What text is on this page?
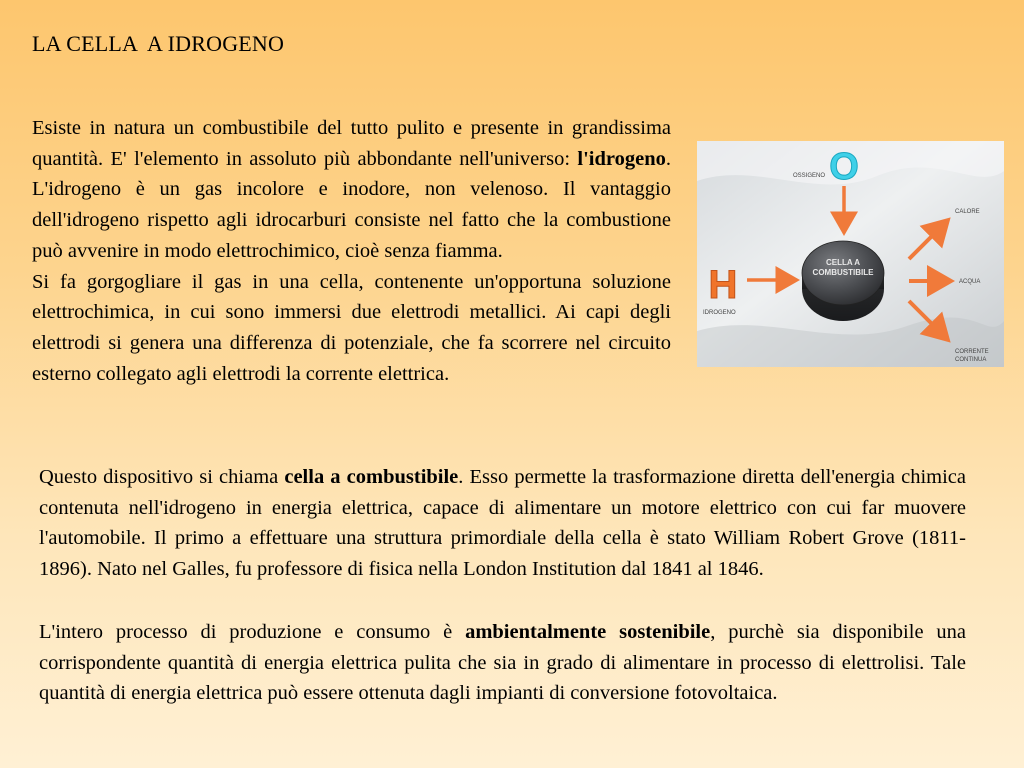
LA CELLA  A IDROGENO
Esiste in natura un combustibile del tutto pulito e presente in grandissima quantità. E' l'elemento in assoluto più abbondante nell'universo: l'idrogeno. L'idrogeno è un gas incolore e inodore, non velenoso. Il vantaggio dell'idrogeno rispetto agli idrocarburi consiste nel fatto che la combustione può avvenire in modo elettrochimico, cioè senza fiamma.
Si fa gorgogliare il gas in una cella, contenente un'opportuna soluzione elettrochimica, in cui sono immersi due elettrodi metallici. Ai capi degli elettrodi si genera una differenza di potenziale, che fa scorrere nel circuito esterno collegato agli elettrodi la corrente elettrica.
Questo dispositivo si chiama cella a combustibile. Esso permette la trasformazione diretta dell'energia chimica contenuta nell'idrogeno in energia elettrica, capace di alimentare un motore elettrico con cui far muovere l'automobile. Il primo a effettuare una struttura primordiale della cella è stato William Robert Grove (1811-1896). Nato nel Galles, fu professore di fisica nella London Institution dal 1841 al 1846.
L'intero processo di produzione e consumo è ambientalmente sostenibile, purchè sia disponibile una corrispondente quantità di energia elettrica pulita che sia in grado di alimentare in processo di elettrolisi. Tale quantità di energia elettrica può essere ottenuta dagli impianti di conversione fotovoltaica.
O
OSSIGENO
H
IDROGENO
CELLA A
COMBUSTIBILE
CALORE
ACQUA
CORRENTE
CONTINUA
